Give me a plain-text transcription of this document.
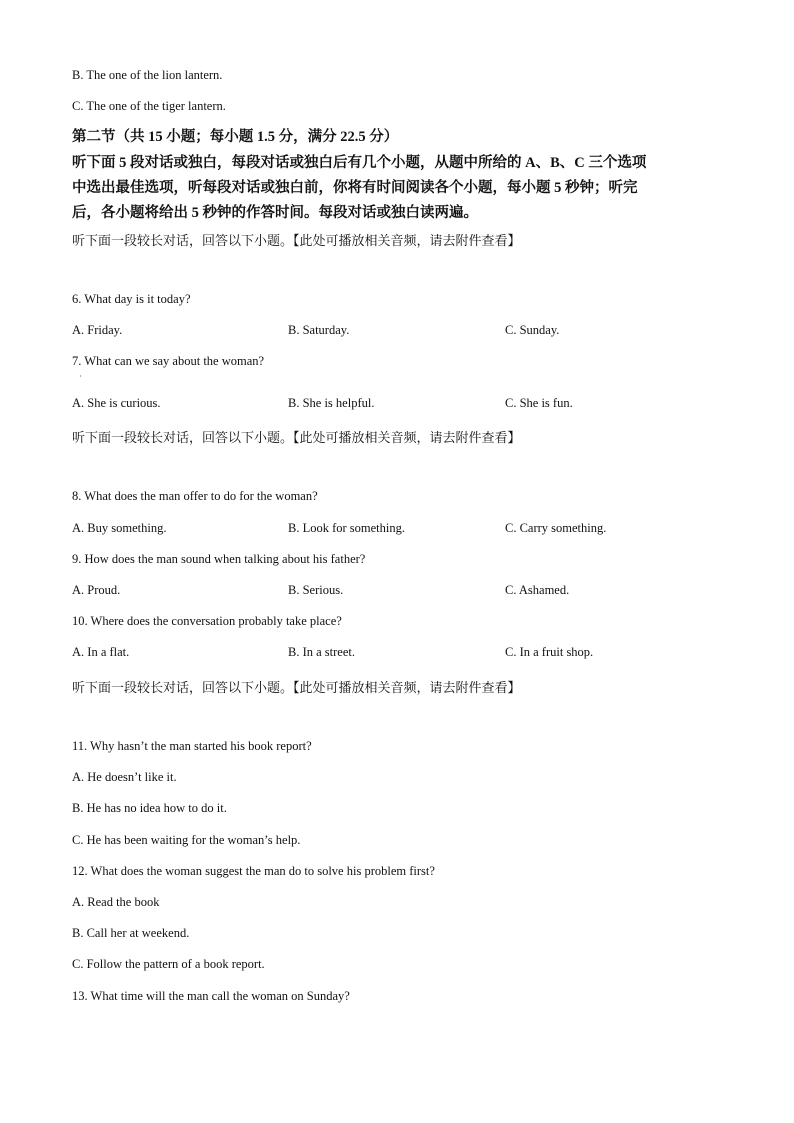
B. The one of the lion lantern.
C. The one of the tiger lantern.
第二节（共 15 小题；每小题 1.5 分，满分 22.5 分）
听下面 5 段对话或独白，每段对话或独白后有几个小题，从题中所给的 A、B、C 三个选项
中选出最佳选项，听每段对话或独白前，你将有时间阅读各个小题，每小题 5 秒钟；听完
后，各小题将给出 5 秒钟的作答时间。每段对话或独白读两遍。
听下面一段较长对话，回答以下小题。【此处可播放相关音频，请去附件查看】
6. What day is it today?
A. Friday.	B. Saturday.	C. Sunday.
7. What can we say about the woman?
·
A. She is curious.	B. She is helpful.	C. She is fun.
听下面一段较长对话，回答以下小题。【此处可播放相关音频，请去附件查看】
8. What does the man offer to do for the woman?
A. Buy something.	B. Look for something.	C. Carry something.
9. How does the man sound when talking about his father?
A. Proud.	B. Serious.	C. Ashamed.
10. Where does the conversation probably take place?
A. In a flat.	B. In a street.	C. In a fruit shop.
听下面一段较长对话，回答以下小题。【此处可播放相关音频，请去附件查看】
11. Why hasn’t the man started his book report?
A. He doesn’t like it.
B. He has no idea how to do it.
C. He has been waiting for the woman’s help.
12. What does the woman suggest the man do to solve his problem first?
A. Read the book
B. Call her at weekend.
C. Follow the pattern of a book report.
13. What time will the man call the woman on Sunday?
